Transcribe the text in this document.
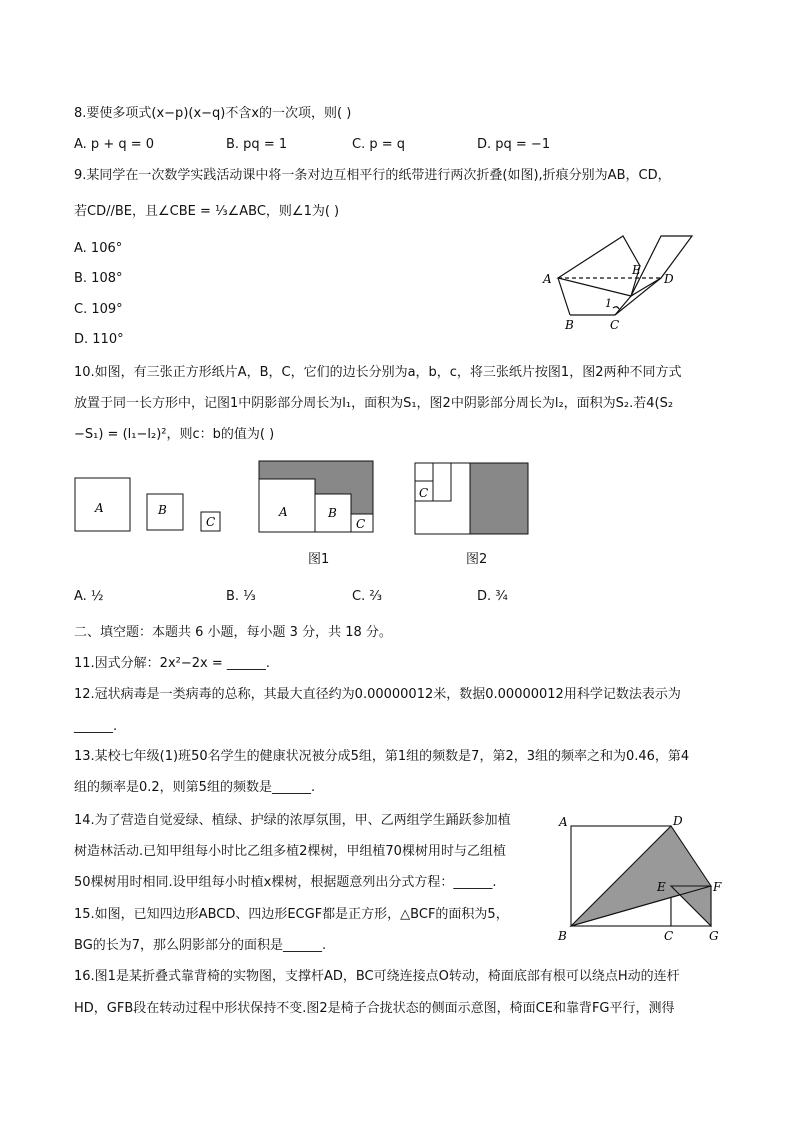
8.要使多项式(x−p)(x−q)不含x的一次项，则( )
A. p + q = 0	B. pq = 1	C. p = q	D. pq = −1
9.某同学在一次数学实践活动课中将一条对边互相平行的纸带进行两次折叠(如图),折痕分别为AB，CD，
若CD//BE，且∠CBE = ⅓∠ABC，则∠1为( )
A. 106°
B. 108°
C. 109°
D. 110°
A
B	C
D
E
1
10.如图，有三张正方形纸片A，B，C，它们的边长分别为a，b，c，将三张纸片按图1，图2两种不同方式
放置于同一长方形中，记图1中阴影部分周长为l₁，面积为S₁，图2中阴影部分周长为l₂，面积为S₂.若4(S₂
−S₁) = (l₁−l₂)²，则c：b的值为( )
A	B
C
A	B
C
C
图1	图2
A. ½	B. ⅓	C. ⅔	D. ¾
二、填空题：本题共 6 小题，每小题 3 分，共 18 分。
11.因式分解：2x²−2x = ______.
12.冠状病毒是一类病毒的总称，其最大直径约为0.00000012米，数据0.00000012用科学记数法表示为
______.
13.某校七年级(1)班50名学生的健康状况被分成5组，第1组的频数是7，第2，3组的频率之和为0.46，第4
组的频率是0.2，则第5组的频数是______.
14.为了营造自觉爱绿、植绿、护绿的浓厚氛围，甲、乙两组学生踊跃参加植
树造林活动.已知甲组每小时比乙组多植2棵树，甲组植70棵树用时与乙组植
50棵树用时相同.设甲组每小时植x棵树，根据题意列出分式方程：______.
15.如图，已知四边形ABCD、四边形ECGF都是正方形，△BCF的面积为5，
BG的长为7，那么阴影部分的面积是______.
A	D
E	F
B	C	G
16.图1是某折叠式靠背椅的实物图，支撑杆AD，BC可绕连接点O转动，椅面底部有根可以绕点H动的连杆
HD，GFB段在转动过程中形状保持不变.图2是椅子合拢状态的侧面示意图，椅面CE和靠背FG平行，测得
